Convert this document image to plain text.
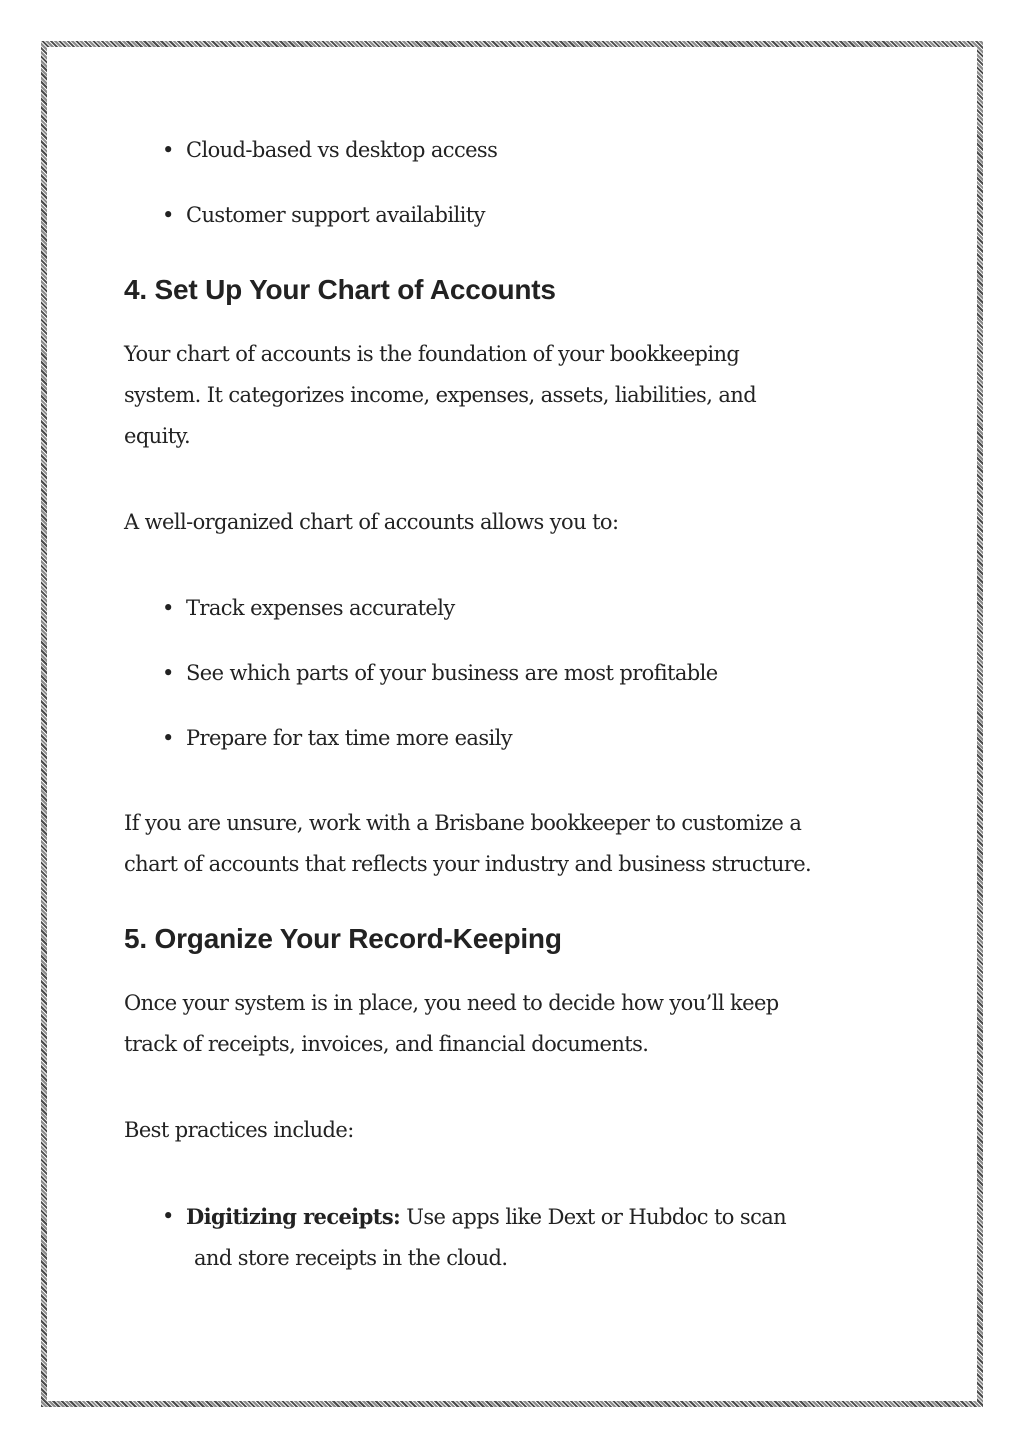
• Cloud-based vs desktop access
• Customer support availability
4. Set Up Your Chart of Accounts

Your chart of accounts is the foundation of your bookkeeping
system. It categorizes income, expenses, assets, liabilities, and
equity.

A well-organized chart of accounts allows you to:

• Track expenses accurately
• See which parts of your business are most profitable
• Prepare for tax time more easily

If you are unsure, work with a Brisbane bookkeeper to customize a
chart of accounts that reflects your industry and business structure.

5. Organize Your Record-Keeping

Once your system is in place, you need to decide how you’ll keep
track of receipts, invoices, and financial documents.

Best practices include:

• Digitizing receipts: Use apps like Dext or Hubdoc to scan
and store receipts in the cloud.
